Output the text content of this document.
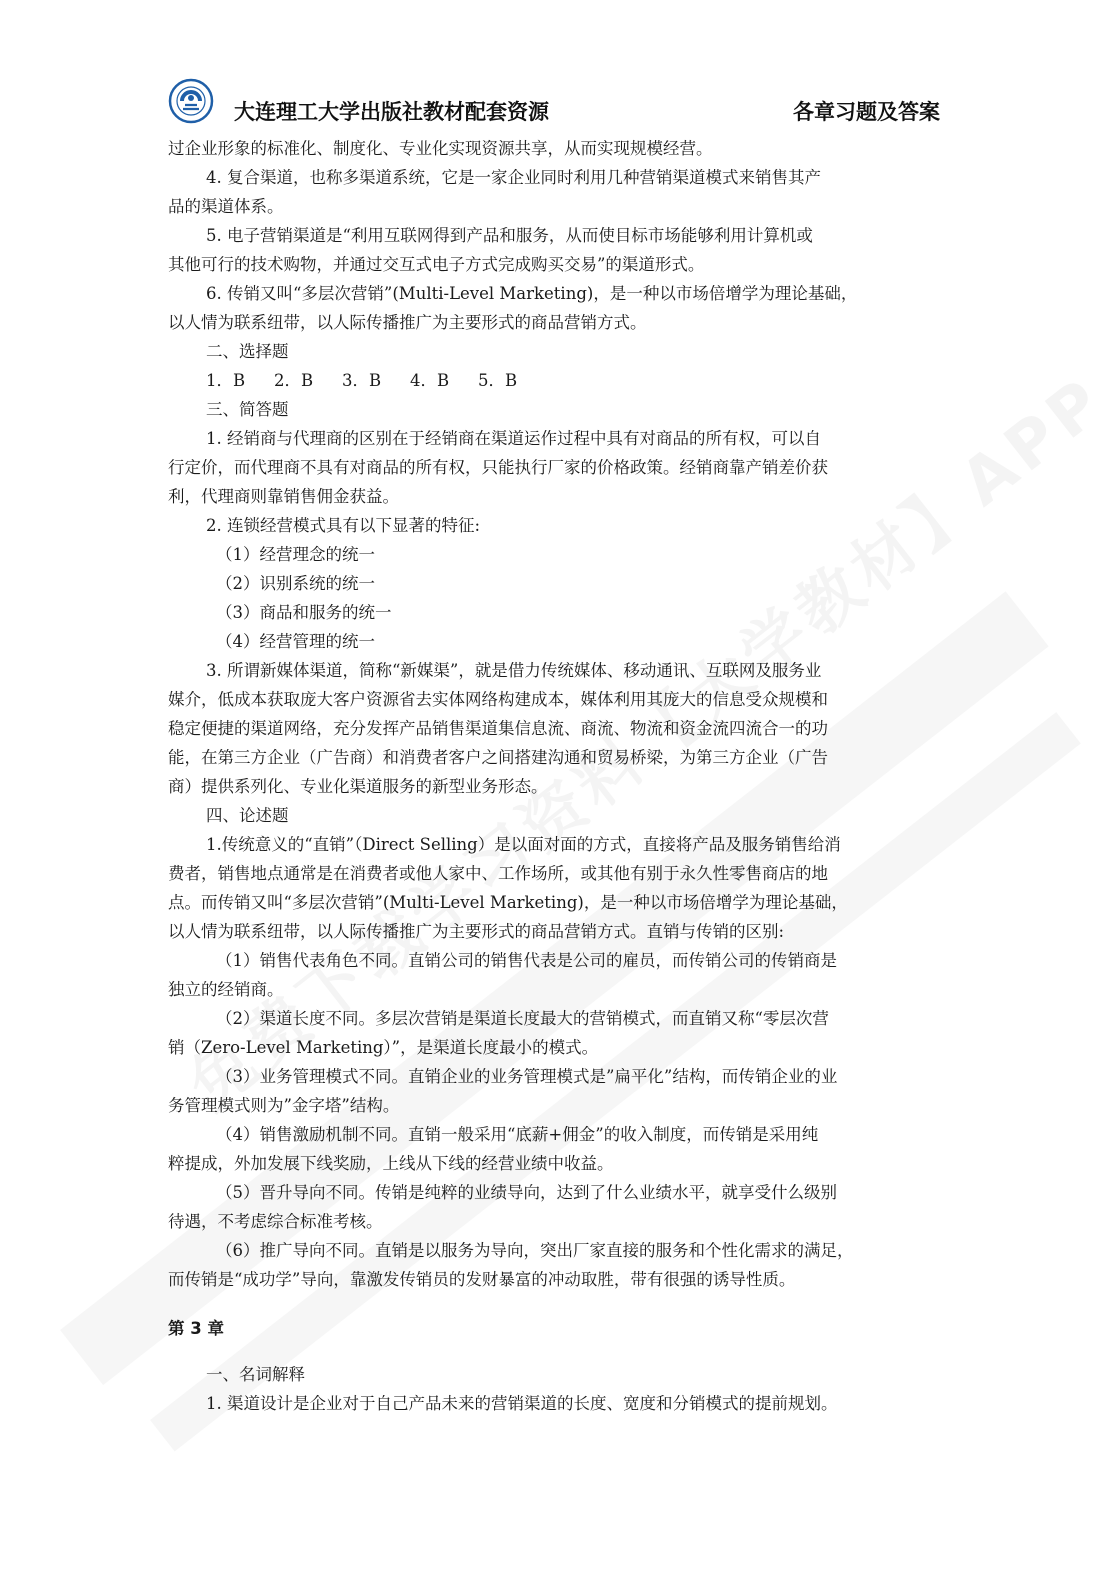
大连理工大学出版社教材配套资源	各章习题及答案

过企业形象的标准化、制度化、专业化实现资源共享，从而实现规模经营。

4. 复合渠道，也称多渠道系统，它是一家企业同时利用几种营销渠道模式来销售其产

品的渠道体系。

5. 电子营销渠道是“利用互联网得到产品和服务，从而使目标市场能够利用计算机或

其他可行的技术购物，并通过交互式电子方式完成购买交易”的渠道形式。

6. 传销又叫“多层次营销”(Multi-Level Marketing)，是一种以市场倍增学为理论基础，

以人情为联系纽带，以人际传播推广为主要形式的商品营销方式。

二、选择题

1．B 2．B 3．B 4．B 5．B

三、简答题

1. 经销商与代理商的区别在于经销商在渠道运作过程中具有对商品的所有权，可以自

行定价，而代理商不具有对商品的所有权，只能执行厂家的价格政策。经销商靠产销差价获

利，代理商则靠销售佣金获益。

2. 连锁经营模式具有以下显著的特征:

（1）经营理念的统一

（2）识别系统的统一

（3）商品和服务的统一

（4）经营管理的统一

3. 所谓新媒体渠道，简称“新媒渠”，就是借力传统媒体、移动通讯、互联网及服务业

媒介，低成本获取庞大客户资源省去实体网络构建成本，媒体利用其庞大的信息受众规模和

稳定便捷的渠道网络，充分发挥产品销售渠道集信息流、商流、物流和资金流四流合一的功

能，在第三方企业（广告商）和消费者客户之间搭建沟通和贸易桥梁，为第三方企业（广告

商）提供系列化、专业化渠道服务的新型业务形态。

四、论述题

1.传统意义的“直销”（Direct Selling）是以面对面的方式，直接将产品及服务销售给消

费者，销售地点通常是在消费者或他人家中、工作场所，或其他有别于永久性零售商店的地

点。而传销又叫“多层次营销”(Multi-Level Marketing)，是一种以市场倍增学为理论基础，

以人情为联系纽带，以人际传播推广为主要形式的商品营销方式。直销与传销的区别:

（1）销售代表角色不同。直销公司的销售代表是公司的雇员，而传销公司的传销商是

独立的经销商。

（2）渠道长度不同。多层次营销是渠道长度最大的营销模式，而直销又称“零层次营

销（Zero-Level Marketing）”，是渠道长度最小的模式。

（3）业务管理模式不同。直销企业的业务管理模式是”扁平化”结构，而传销企业的业

务管理模式则为”金字塔”结构。

（4）销售激励机制不同。直销一般采用“底薪+佣金”的收入制度，而传销是采用纯

粹提成，外加发展下线奖励，上线从下线的经营业绩中收益。

（5）晋升导向不同。传销是纯粹的业绩导向，达到了什么业绩水平，就享受什么级别

待遇，不考虑综合标准考核。

（6）推广导向不同。直销是以服务为导向，突出厂家直接的服务和个性化需求的满足，

而传销是“成功学”导向，靠激发传销员的发财暴富的冲动取胜，带有很强的诱导性质。

第 3 章

一、名词解释

1. 渠道设计是企业对于自己产品未来的营销渠道的长度、宽度和分销模式的提前规划。
